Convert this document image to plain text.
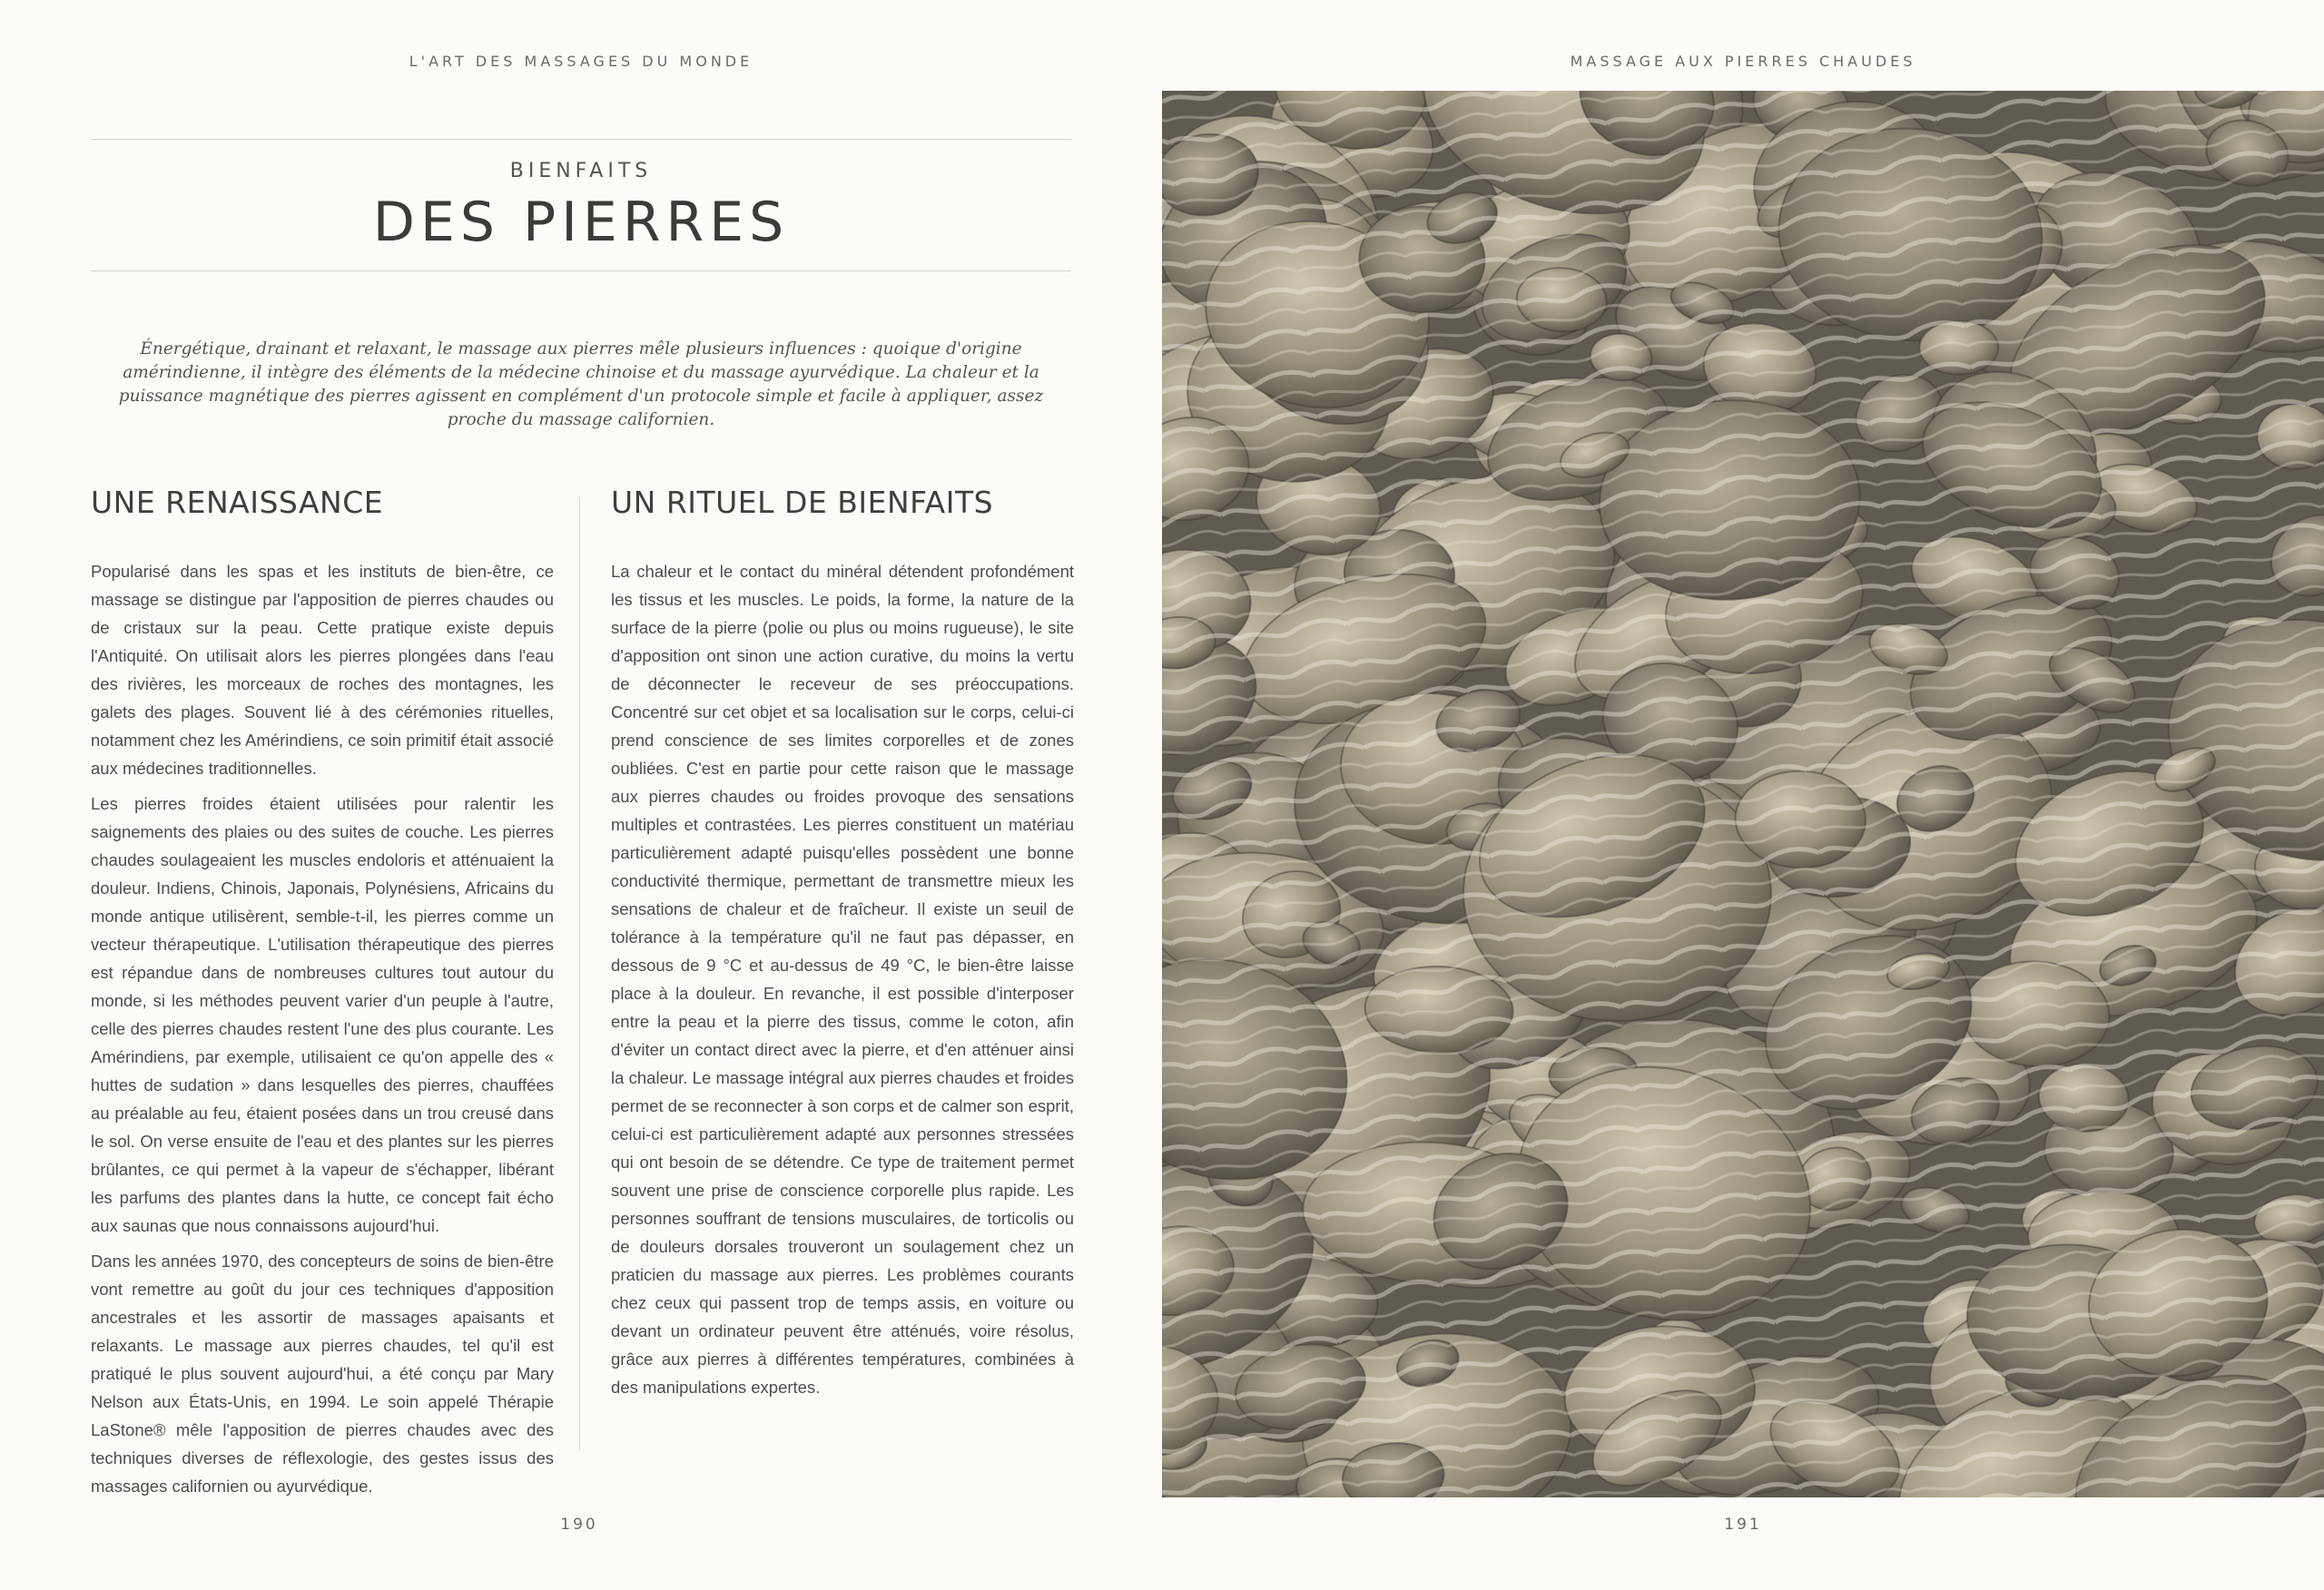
L'ART DES MASSAGES DU MONDE	MASSAGE AUX PIERRES CHAUDES
BIENFAITS
DES PIERRES
Énergétique, drainant et relaxant, le massage aux pierres mêle plusieurs influences : quoique d'origine amérindienne, il intègre des éléments de la médecine chinoise et du massage ayurvédique. La chaleur et la puissance magnétique des pierres agissent en complément d'un protocole simple et facile à appliquer, assez proche du massage californien.
UNE RENAISSANCE

Popularisé dans les spas et les instituts de bien-être, ce massage se distingue par l'apposition de pierres chaudes ou de cristaux sur la peau. Cette pratique existe depuis l'Antiquité. On utilisait alors les pierres plongées dans l'eau des rivières, les morceaux de roches des montagnes, les galets des plages. Souvent lié à des cérémonies rituelles, notamment chez les Amérindiens, ce soin primitif était associé aux médecines traditionnelles.

Les pierres froides étaient utilisées pour ralentir les saignements des plaies ou des suites de couche. Les pierres chaudes soulageaient les muscles endoloris et atténuaient la douleur. Indiens, Chinois, Japonais, Polynésiens, Africains du monde antique utilisèrent, semble-t-il, les pierres comme un vecteur thérapeutique. L'utilisation thérapeutique des pierres est répandue dans de nombreuses cultures tout autour du monde, si les méthodes peuvent varier d'un peuple à l'autre, celle des pierres chaudes restent l'une des plus courante. Les Amérindiens, par exemple, utilisaient ce qu'on appelle des « huttes de sudation » dans lesquelles des pierres, chauffées au préalable au feu, étaient posées dans un trou creusé dans le sol. On verse ensuite de l'eau et des plantes sur les pierres brûlantes, ce qui permet à la vapeur de s'échapper, libérant les parfums des plantes dans la hutte, ce concept fait écho aux saunas que nous connaissons aujourd'hui.

Dans les années 1970, des concepteurs de soins de bien-être vont remettre au goût du jour ces techniques d'apposition ancestrales et les assortir de massages apaisants et relaxants. Le massage aux pierres chaudes, tel qu'il est pratiqué le plus souvent aujourd'hui, a été conçu par Mary Nelson aux États-Unis, en 1994. Le soin appelé Thérapie LaStone® mêle l'apposition de pierres chaudes avec des techniques diverses de réflexologie, des gestes issus des massages californien ou ayurvédique.

UN RITUEL DE BIENFAITS

La chaleur et le contact du minéral détendent profondément les tissus et les muscles. Le poids, la forme, la nature de la surface de la pierre (polie ou plus ou moins rugueuse), le site d'apposition ont sinon une action curative, du moins la vertu de déconnecter le receveur de ses préoccupations. Concentré sur cet objet et sa localisation sur le corps, celui-ci prend conscience de ses limites corporelles et de zones oubliées. C'est en partie pour cette raison que le massage aux pierres chaudes ou froides provoque des sensations multiples et contrastées. Les pierres constituent un matériau particulièrement adapté puisqu'elles possèdent une bonne conductivité thermique, permettant de transmettre mieux les sensations de chaleur et de fraîcheur. Il existe un seuil de tolérance à la température qu'il ne faut pas dépasser, en dessous de 9 °C et au-dessus de 49 °C, le bien-être laisse place à la douleur. En revanche, il est possible d'interposer entre la peau et la pierre des tissus, comme le coton, afin d'éviter un contact direct avec la pierre, et d'en atténuer ainsi la chaleur. Le massage intégral aux pierres chaudes et froides permet de se reconnecter à son corps et de calmer son esprit, celui-ci est particulièrement adapté aux personnes stressées qui ont besoin de se détendre. Ce type de traitement permet souvent une prise de conscience corporelle plus rapide. Les personnes souffrant de tensions musculaires, de torticolis ou de douleurs dorsales trouveront un soulagement chez un praticien du massage aux pierres. Les problèmes courants chez ceux qui passent trop de temps assis, en voiture ou devant un ordinateur peuvent être atténués, voire résolus, grâce aux pierres à différentes températures, combinées à des manipulations expertes.

190	191
